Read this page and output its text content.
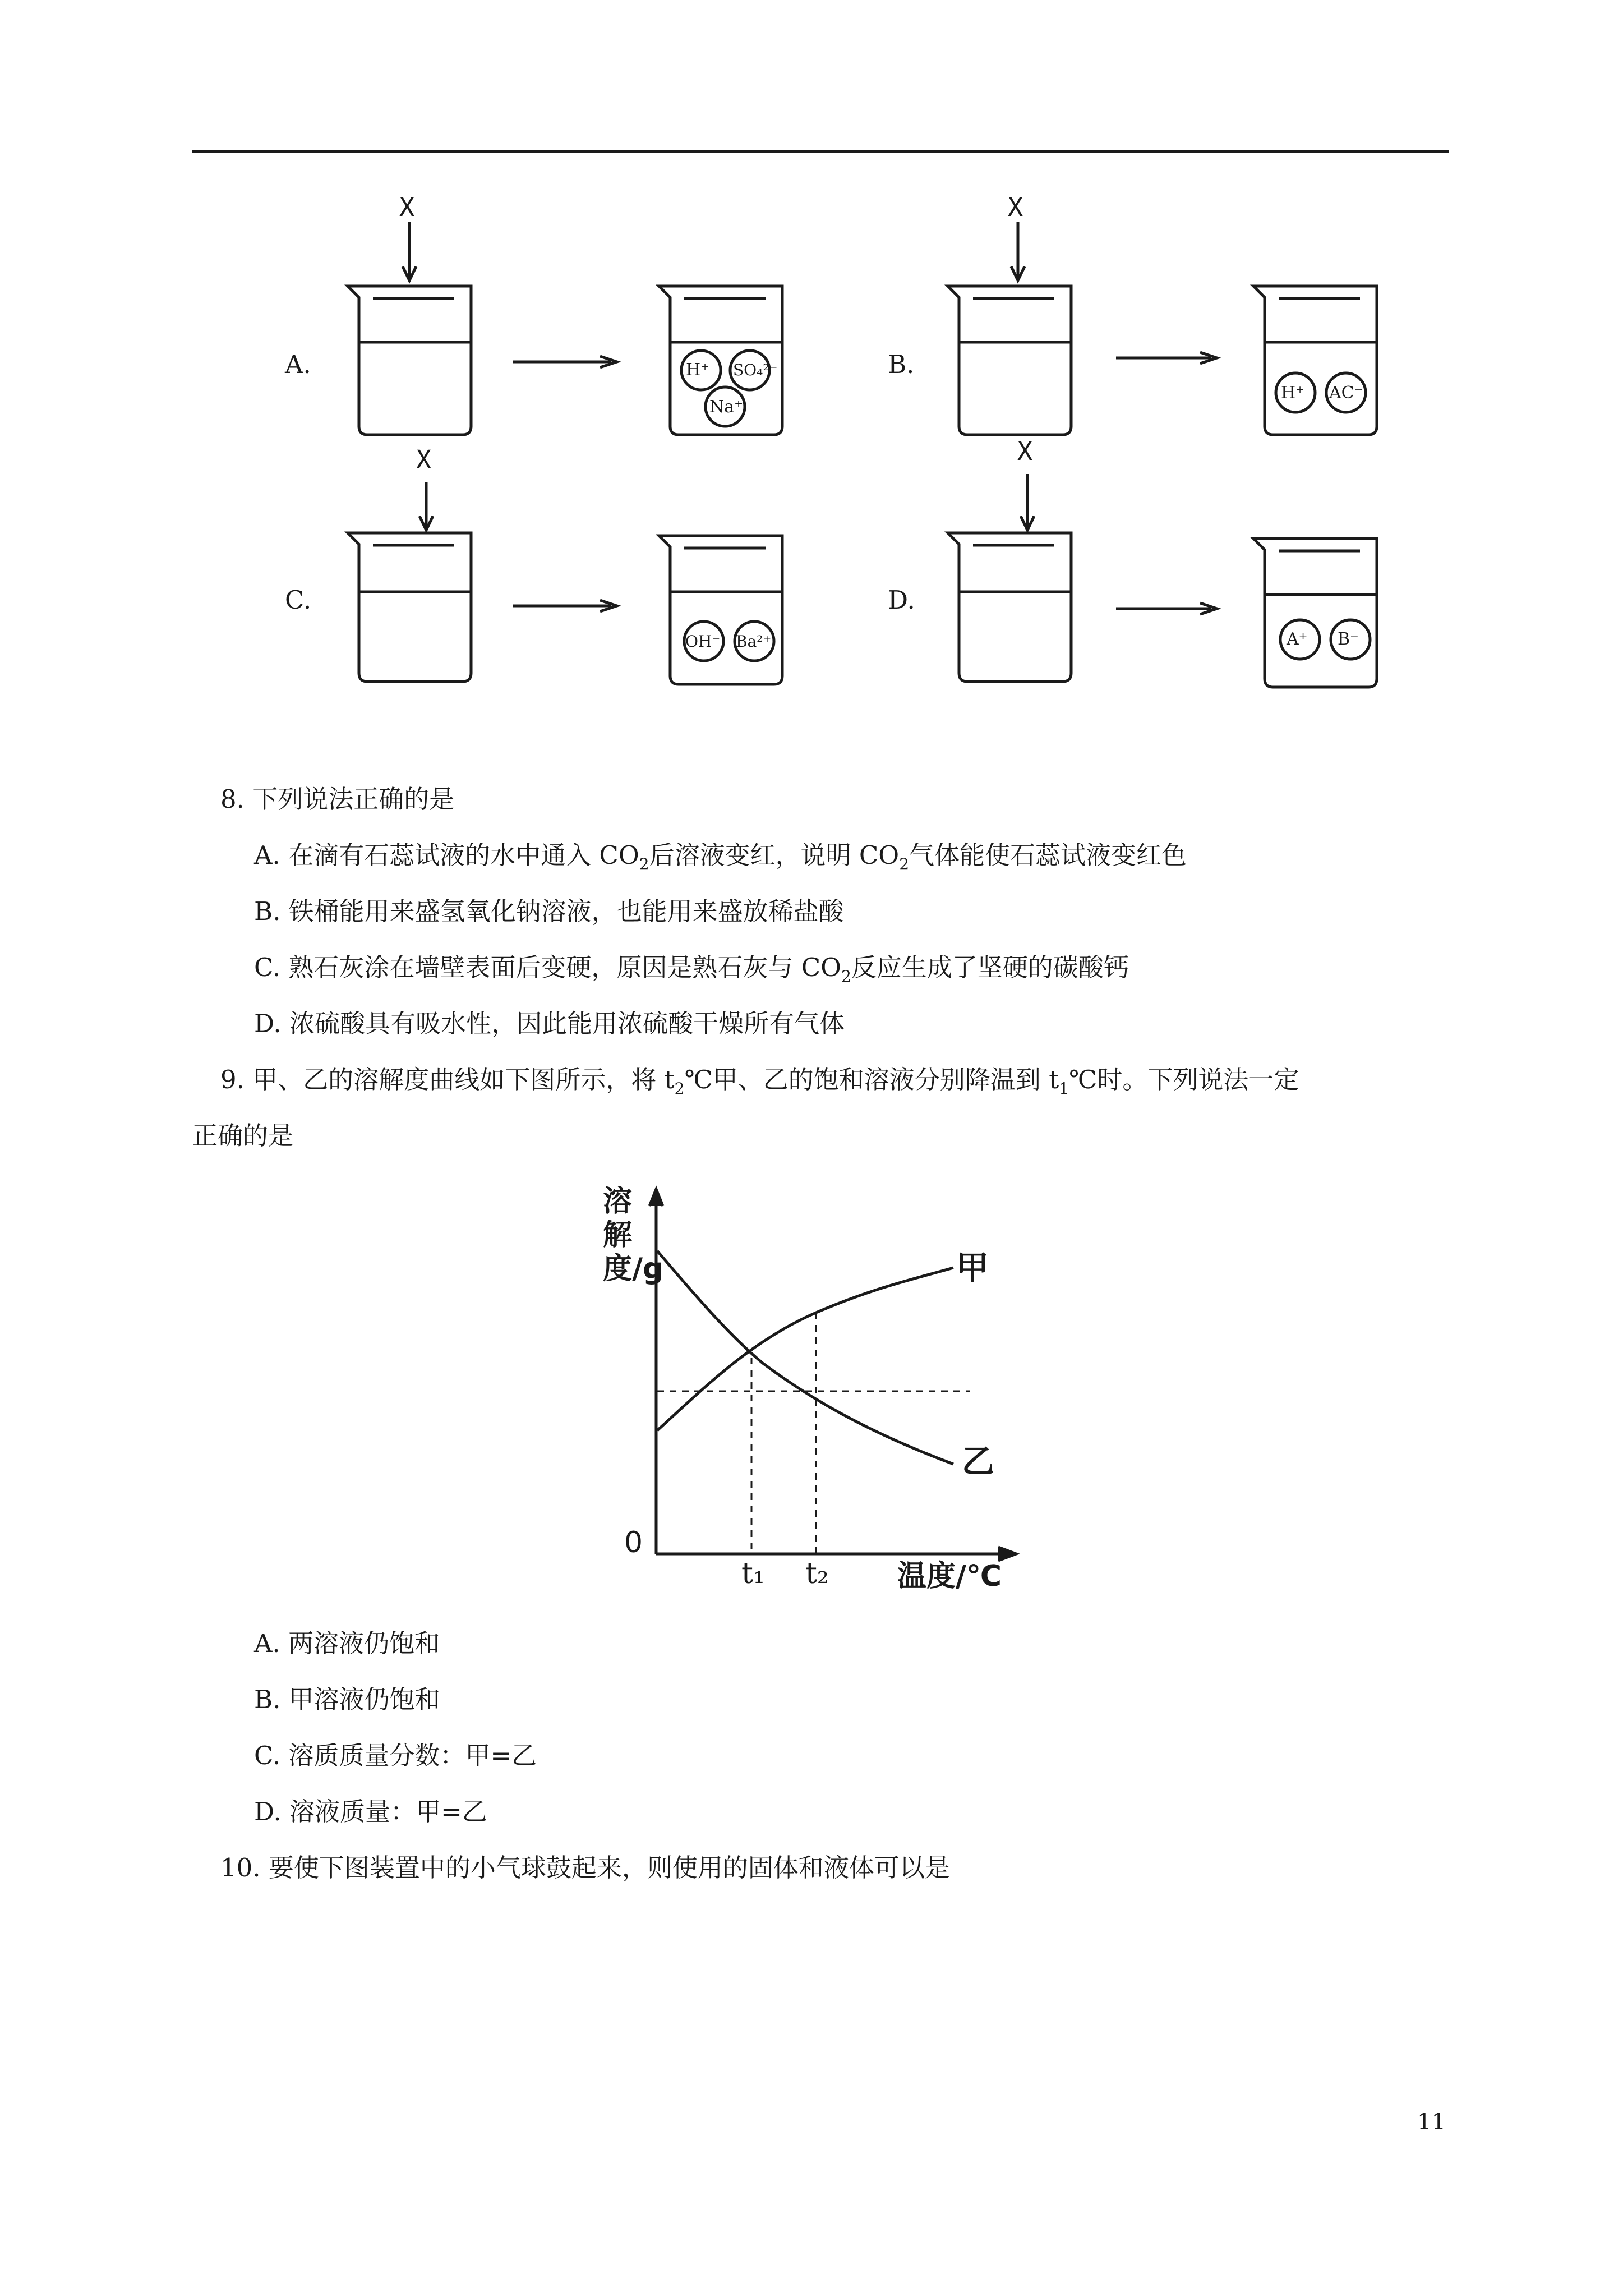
X	X
X	X
A.	B.
C.	D.
H⁺ SO₄²⁻
Na⁺
H⁺ AC⁻
OH⁻ Ba²⁺	A⁺ B⁻
8. 下列说法正确的是
A. 在滴有石蕊试液的水中通入 $CO_2$后溶液变红，说明 $CO_2$气体能使石蕊试液变红色
B. 铁桶能用来盛氢氧化钠溶液，也能用来盛放稀盐酸
C. 熟石灰涂在墙壁表面后变硬，原因是熟石灰与 $CO_2$反应生成了坚硬的碳酸钙
D. 浓硫酸具有吸水性，因此能用浓硫酸干燥所有气体
9. 甲、乙的溶解度曲线如下图所示，将 $t_2℃$甲、乙的饱和溶液分别降温到 $t_1℃$时。下列说法一定
正确的是
溶解度/g
0
t₁ t₂ 温度/℃
甲
乙
A. 两溶液仍饱和
B. 甲溶液仍饱和
C. 溶质质量分数：甲=乙
D. 溶液质量：甲=乙
10. 要使下图装置中的小气球鼓起来，则使用的固体和液体可以是
11
